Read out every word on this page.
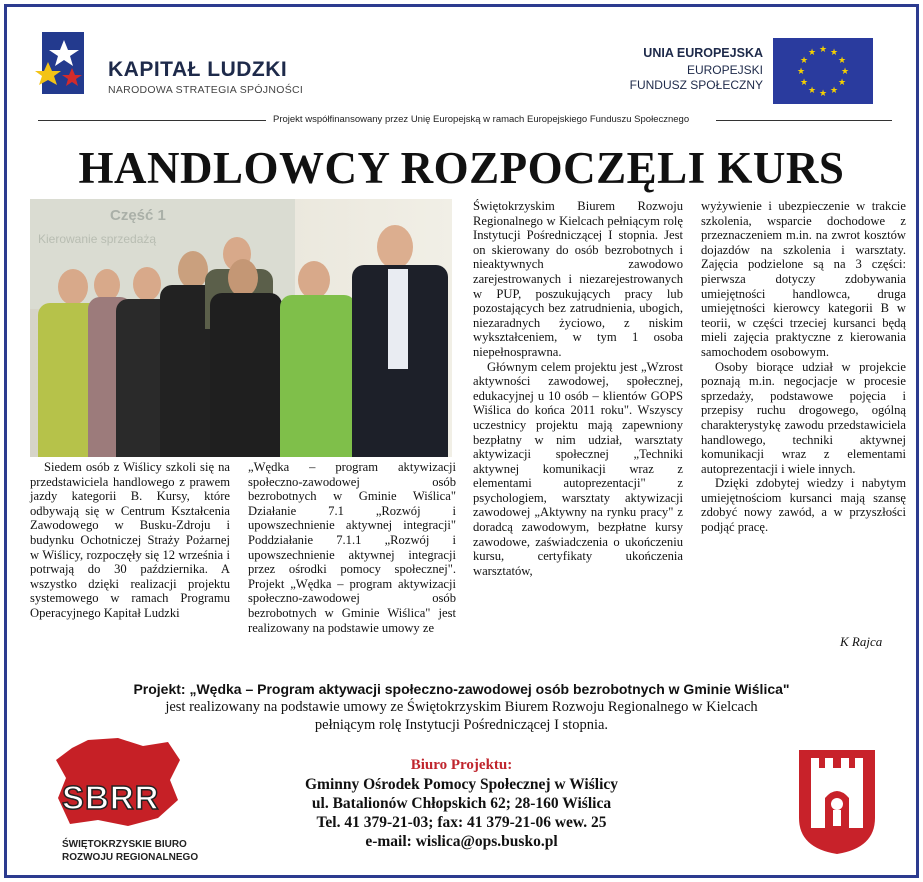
KAPITAŁ LUDZKI
NARODOWA STRATEGIA SPÓJNOŚCI
UNIA EUROPEJSKA
EUROPEJSKI
FUNDUSZ SPOŁECZNY
★ ★
★
★
★
★
★
★
★
★
★
★
Projekt współfinansowany przez Unię Europejską w ramach Europejskiego Funduszu Społecznego
HANDLOWCY ROZPOCZĘLI KURS
Część 1
Kierowanie sprzedażą

Siedem osób z Wiślicy szkoli się na przedstawiciela handlowego z prawem jazdy kategorii B. Kursy, które odbywają się w Centrum Kształcenia Zawodowego w Busku-Zdroju i budynku Ochotniczej Straży Pożarnej w Wiślicy, rozpoczęły się 12 września i potrwają do 30 października. A wszystko dzięki realizacji projektu systemowego w ramach Programu Operacyjnego Kapitał Ludzki

„Wędka – program aktywizacji społeczno-zawodowej osób bezrobotnych w Gminie Wiślica" Działanie 7.1 „Rozwój i upowszechnienie aktywnej integracji" Poddziałanie 7.1.1 „Rozwój i upowszechnienie aktywnej integracji przez ośrodki pomocy społecznej". Projekt „Wędka – program aktywizacji społeczno-zawodowej osób bezrobotnych w Gminie Wiślica" jest realizowany na podstawie umowy ze

Świętokrzyskim Biurem Rozwoju Regionalnego w Kielcach pełniącym rolę Instytucji Pośredniczącej I stopnia. Jest on skierowany do osób bezrobotnych i nieaktywnych zawodowo zarejestrowanych i niezarejestrowanych w PUP, poszukujących pracy lub pozostających bez zatrudnienia, ubogich, niezaradnych życiowo, z niskim wykształceniem, w tym 1 osoba niepełnosprawna.

Głównym celem projektu jest „Wzrost aktywności zawodowej, społecznej, edukacyjnej u 10 osób – klientów GOPS Wiślica do końca 2011 roku". Wszyscy uczestnicy projektu mają zapewniony bezpłatny w nim udział, warsztaty aktywizacji społecznej „Techniki aktywnej komunikacji wraz z elementami autoprezentacji" z psychologiem, warsztaty aktywizacji zawodowej „Aktywny na rynku pracy" z doradcą zawodowym, bezpłatne kursy zawodowe, zaświadczenia o ukończeniu kursu, certyfikaty ukończenia warsztatów,

wyżywienie i ubezpieczenie w trakcie szkolenia, wsparcie dochodowe z przeznaczeniem m.in. na zwrot kosztów dojazdów na szkolenia i warsztaty. Zajęcia podzielone są na 3 części: pierwsza dotyczy zdobywania umiejętności handlowca, druga umiejętności kierowcy kategorii B w teorii, w części trzeciej kursanci będą mieli zajęcia praktyczne z kierowania samochodem osobowym.

Osoby biorące udział w projekcie poznają m.in. negocjacje w procesie sprzedaży, podstawowe pojęcia i przepisy ruchu drogowego, ogólną charakterystykę zawodu przedstawiciela handlowego, techniki aktywnej komunikacji wraz z elementami autoprezentacji i wiele innych.

Dzięki zdobytej wiedzy i nabytym umiejętnościom kursanci mają szansę zdobyć nowy zawód, a w przyszłości podjąć pracę.

K Rajca
Projekt: „Wędka – Program aktywacji społeczno-zawodowej osób bezrobotnych w Gminie Wiślica"
jest realizowany na podstawie umowy ze Świętokrzyskim Biurem Rozwoju Regionalnego w Kielcach
pełniącym rolę Instytucji Pośredniczącej I stopnia.
SBRR
ŚWIĘTOKRZYSKIE BIURO
ROZWOJU REGIONALNEGO
Biuro Projektu:
Gminny Ośrodek Pomocy Społecznej w Wiślicy
ul. Batalionów Chłopskich 62; 28-160 Wiślica
Tel. 41 379-21-03; fax: 41 379-21-06 wew. 25
e-mail: wislica@ops.busko.pl
